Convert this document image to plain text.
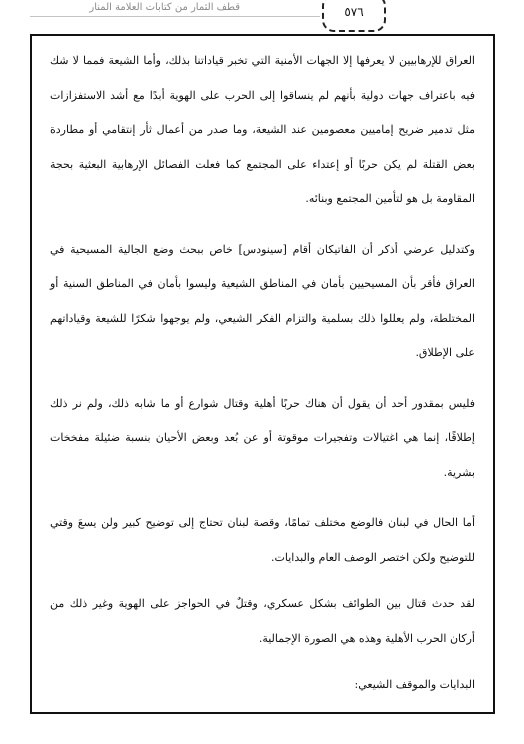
قطف الثمار من كتابات العلامة المنار	٥٧٦

العراق للإرهابيين لا يعرفها إلا الجهات الأمنية التي تخبر قياداتنا بذلك، وأما الشيعة فمما لا شك فيه باعتراف جهات دولية بأنهم لم ينساقوا إلى الحرب على الهوية أبدًا مع أشد الاستفزازات مثل تدمير ضريح إماميين معصومين عند الشيعة، وما صدر من أعمال ثأر إنتقامي أو مطاردة بعض القتلة لم يكن حربًا أو إعتداء على المجتمع كما فعلت الفصائل الإرهابية البعثية بحجة المقاومة بل هو لتأمين المجتمع وبنائه.

وكتدليل عرضي أذكر أن الفاتيكان أقام [سينودس] خاص ببحث وضع الجالية المسيحية في العراق فأقر بأن المسيحيين بأمان في المناطق الشيعية وليسوا بأمان في المناطق السنية أو المختلطة، ولم يعللوا ذلك بسلمية والتزام الفكر الشيعي، ولم يوجهوا شكرًا للشيعة وقياداتهم على الإطلاق.

فليس بمقدور أحد أن يقول أن هناك حربًا أهلية وقتال شوارع أو ما شابه ذلك، ولم نر ذلك إطلاقًا، إنما هي اغتيالات وتفجيرات موقوتة أو عن بُعد وبعض الأحيان بنسبة ضئيلة مفخخات بشرية.

أما الحال في لبنان فالوضع مختلف تمامًا، وقصة لبنان تحتاج إلى توضيح كبير ولن يسعَ وقتي للتوضيح ولكن اختصر الوصف العام والبدايات.

لقد حدث قتال بين الطوائف بشكل عسكري، وقتلٌ في الحواجز على الهوية وغير ذلك من أركان الحرب الأهلية وهذه هي الصورة الإجمالية.

البدايات والموقف الشيعي:
